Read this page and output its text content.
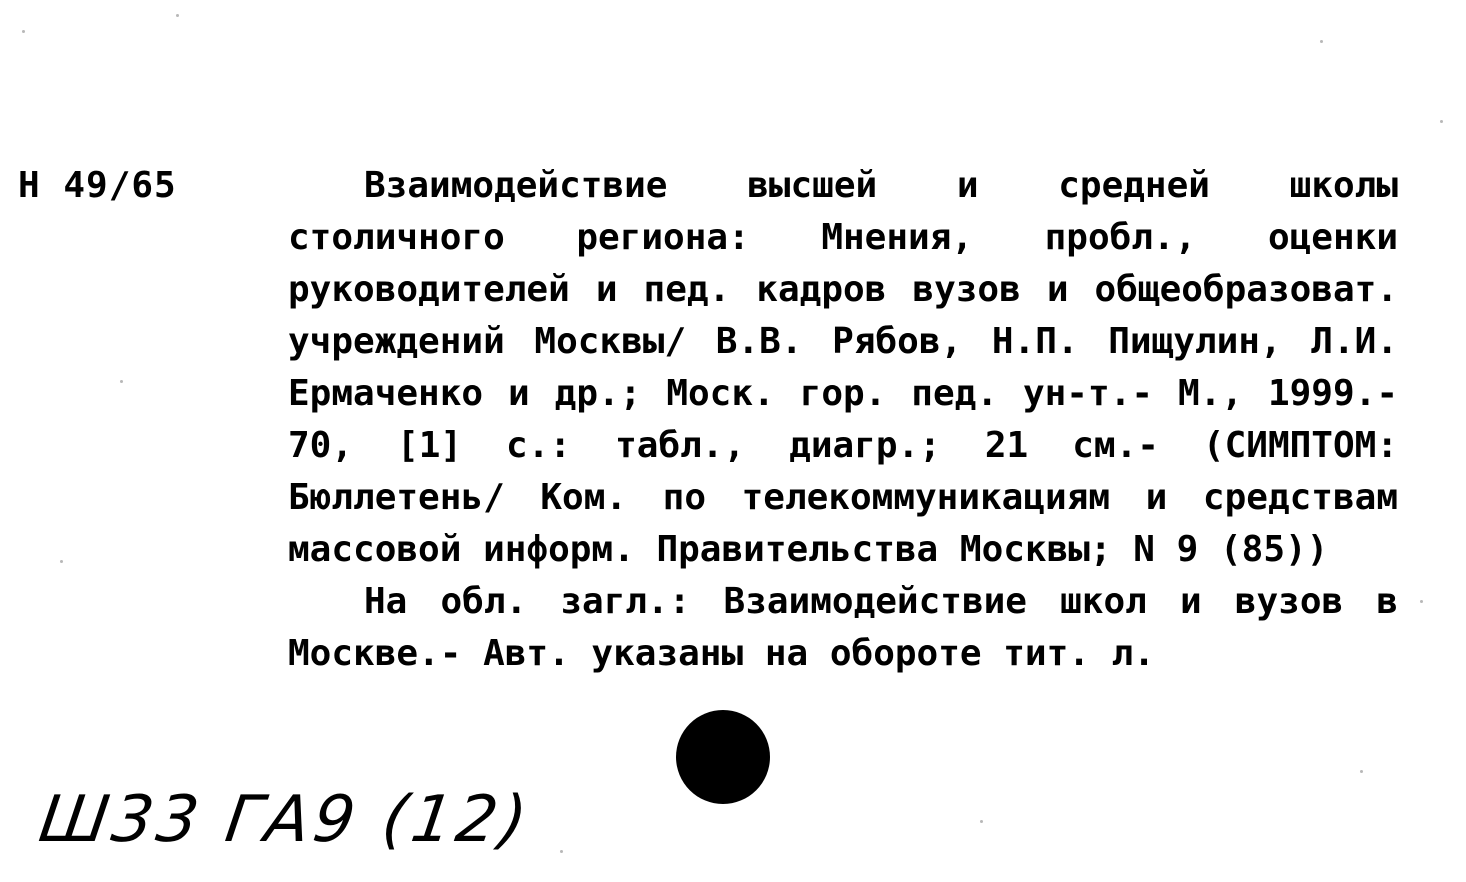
Н 49/65	Взаимодействие высшей и средней школы столичного региона: Мнения, пробл., оценки руководителей и пед. кадров вузов и общеобразоват. учреждений Москвы/ В.В. Рябов, Н.П. Пищулин, Л.И. Ермаченко и др.; Моск. гор. пед. ун-т.- М., 1999.- 70, [1] с.: табл., диагр.; 21 см.- (СИМПТОМ: Бюллетень/ Ком. по телекоммуникациям и средствам массовой информ. Правительства Москвы; N 9 (85))

На обл. загл.: Взаимодействие школ и вузов в Москве.- Авт. указаны на обороте тит. л.

Ш33 ГА9 (12)
